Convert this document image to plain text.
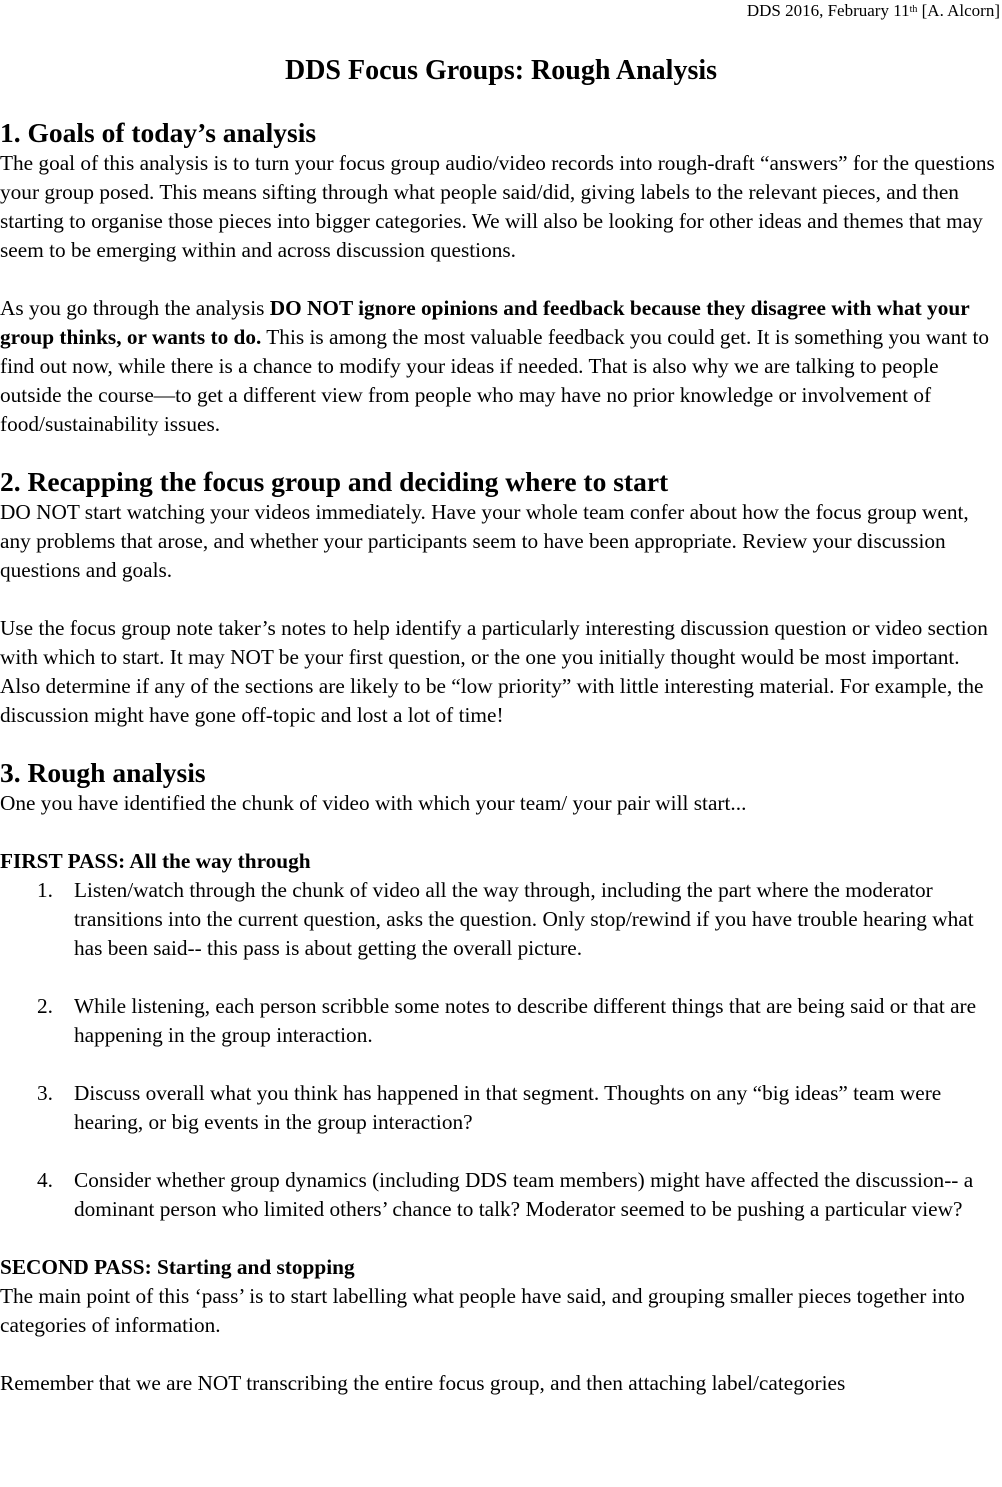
DDS 2016, February 11th [A. Alcorn]
DDS Focus Groups: Rough Analysis
1. Goals of today’s analysis

The goal of this analysis is to turn your focus group audio/video records into rough-draft “answers” for the questions your group posed. This means sifting through what people said/did, giving labels to the relevant pieces, and then starting to organise those pieces into bigger categories. We will also be looking for other ideas and themes that may seem to be emerging within and across discussion questions.

As you go through the analysis DO NOT ignore opinions and feedback because they disagree with what your group thinks, or wants to do. This is among the most valuable feedback you could get. It is something you want to find out now, while there is a chance to modify your ideas if needed. That is also why we are talking to people outside the course—to get a different view from people who may have no prior knowledge or involvement of food/sustainability issues.

2. Recapping the focus group and deciding where to start

DO NOT start watching your videos immediately. Have your whole team confer about how the focus group went, any problems that arose, and whether your participants seem to have been appropriate. Review your discussion questions and goals.

Use the focus group note taker’s notes to help identify a particularly interesting discussion question or video section with which to start. It may NOT be your first question, or the one you initially thought would be most important. Also determine if any of the sections are likely to be “low priority” with little interesting material. For example, the discussion might have gone off-topic and lost a lot of time!

3. Rough analysis

One you have identified the chunk of video with which your team/ your pair will start...

FIRST PASS: All the way through

1. Listen/watch through the chunk of video all the way through, including the part where the moderator transitions into the current question, asks the question. Only stop/rewind if you have trouble hearing what has been said-- this pass is about getting the overall picture.
2. While listening, each person scribble some notes to describe different things that are being said or that are happening in the group interaction.
3. Discuss overall what you think has happened in that segment. Thoughts on any “big ideas” team were hearing, or big events in the group interaction?
4. Consider whether group dynamics (including DDS team members) might have affected the discussion-- a dominant person who limited others’ chance to talk? Moderator seemed to be pushing a particular view?

SECOND PASS: Starting and stopping

The main point of this ‘pass’ is to start labelling what people have said, and grouping smaller pieces together into categories of information.

Remember that we are NOT transcribing the entire focus group, and then attaching label/categories
